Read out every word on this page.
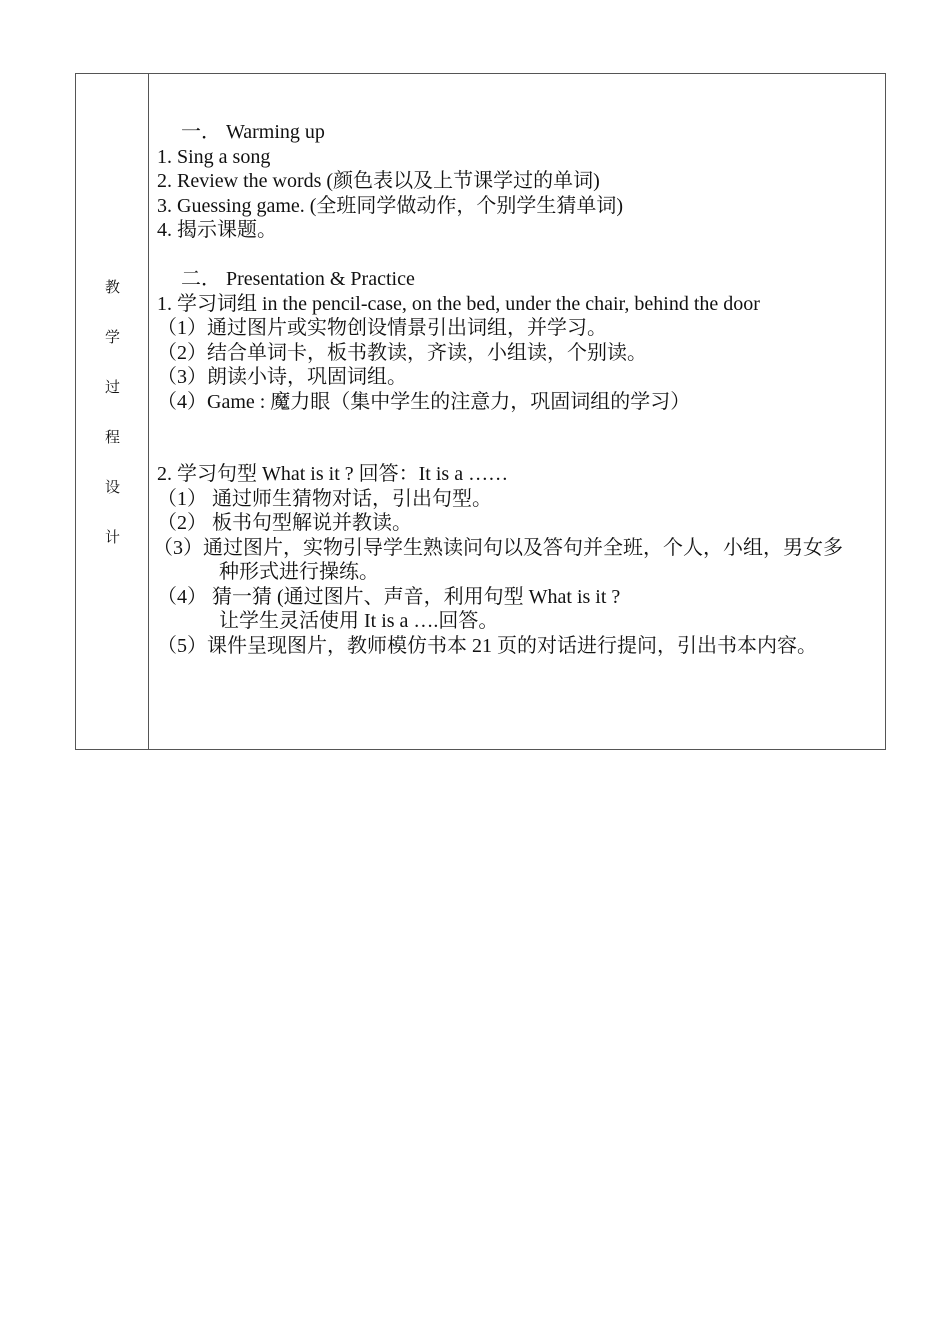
教
学
过
程
设
计
一． Warming up
1. Sing a song
2. Review the words (颜色表以及上节课学过的单词)
3. Guessing game. (全班同学做动作，个别学生猜单词)
4. 揭示课题。
二． Presentation & Practice
1. 学习词组 in the pencil-case, on the bed, under the chair, behind the door
（1）通过图片或实物创设情景引出词组，并学习。
（2）结合单词卡，板书教读，齐读，小组读，个别读。
（3）朗读小诗，巩固词组。
（4）Game : 魔力眼（集中学生的注意力，巩固词组的学习）
2. 学习句型 What is it ? 回答：It is a ……
（1） 通过师生猜物对话，引出句型。
（2） 板书句型解说并教读。
（3）通过图片，实物引导学生熟读问句以及答句并全班，个人，小组，男女多
种形式进行操练。
（4） 猜一猜 (通过图片、声音，利用句型 What is it ?
让学生灵活使用 It is a ….回答。
（5）课件呈现图片，教师模仿书本 21 页的对话进行提问，引出书本内容。
